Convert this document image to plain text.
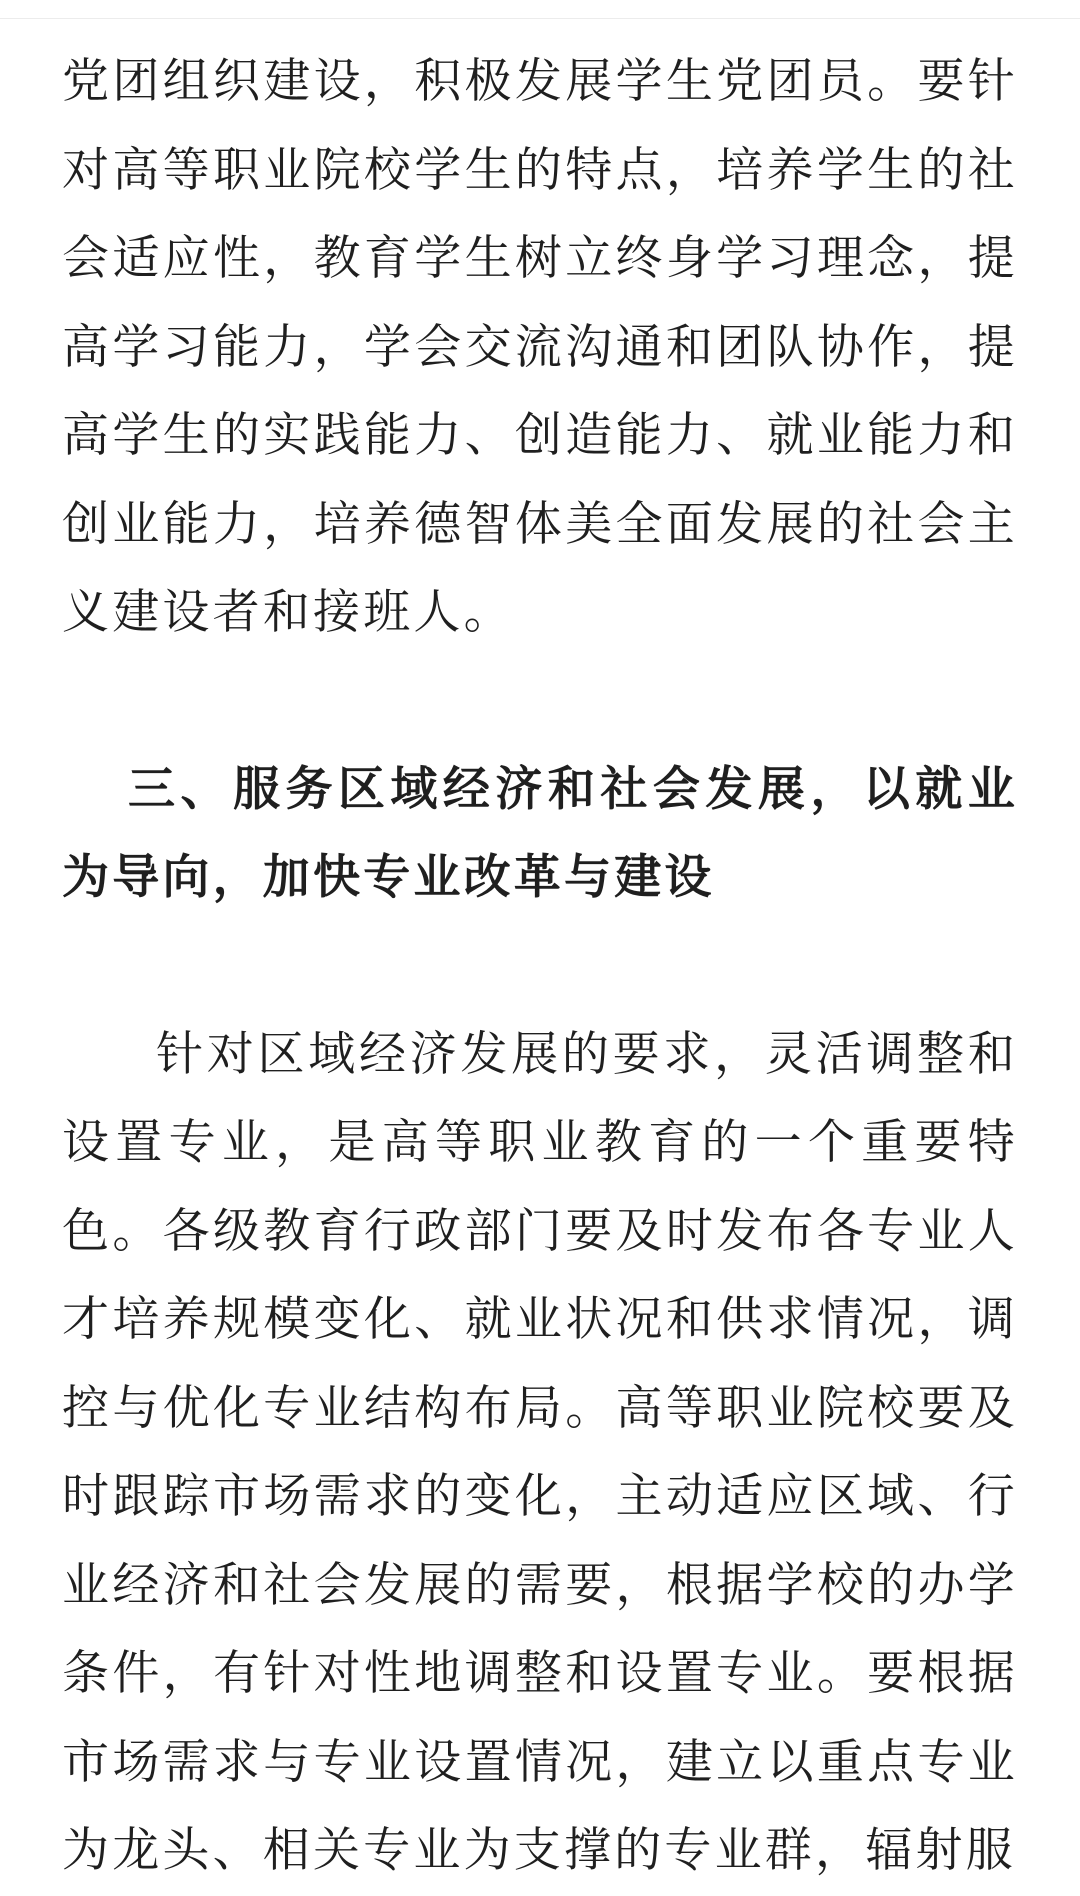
党团组织建设，积极发展学生党团员。要针对高等职业院校学生的特点，培养学生的社会适应性，教育学生树立终身学习理念，提高学习能力，学会交流沟通和团队协作，提高学生的实践能力、创造能力、就业能力和创业能力，培养德智体美全面发展的社会主义建设者和接班人。

三、服务区域经济和社会发展，以就业为导向，加快专业改革与建设

针对区域经济发展的要求，灵活调整和设置专业，是高等职业教育的一个重要特色。各级教育行政部门要及时发布各专业人才培养规模变化、就业状况和供求情况，调控与优化专业结构布局。高等职业院校要及时跟踪市场需求的变化，主动适应区域、行业经济和社会发展的需要，根据学校的办学条件，有针对性地调整和设置专业。要根据市场需求与专业设置情况，建立以重点专业为龙头、相关专业为支撑的专业群，辐射服
